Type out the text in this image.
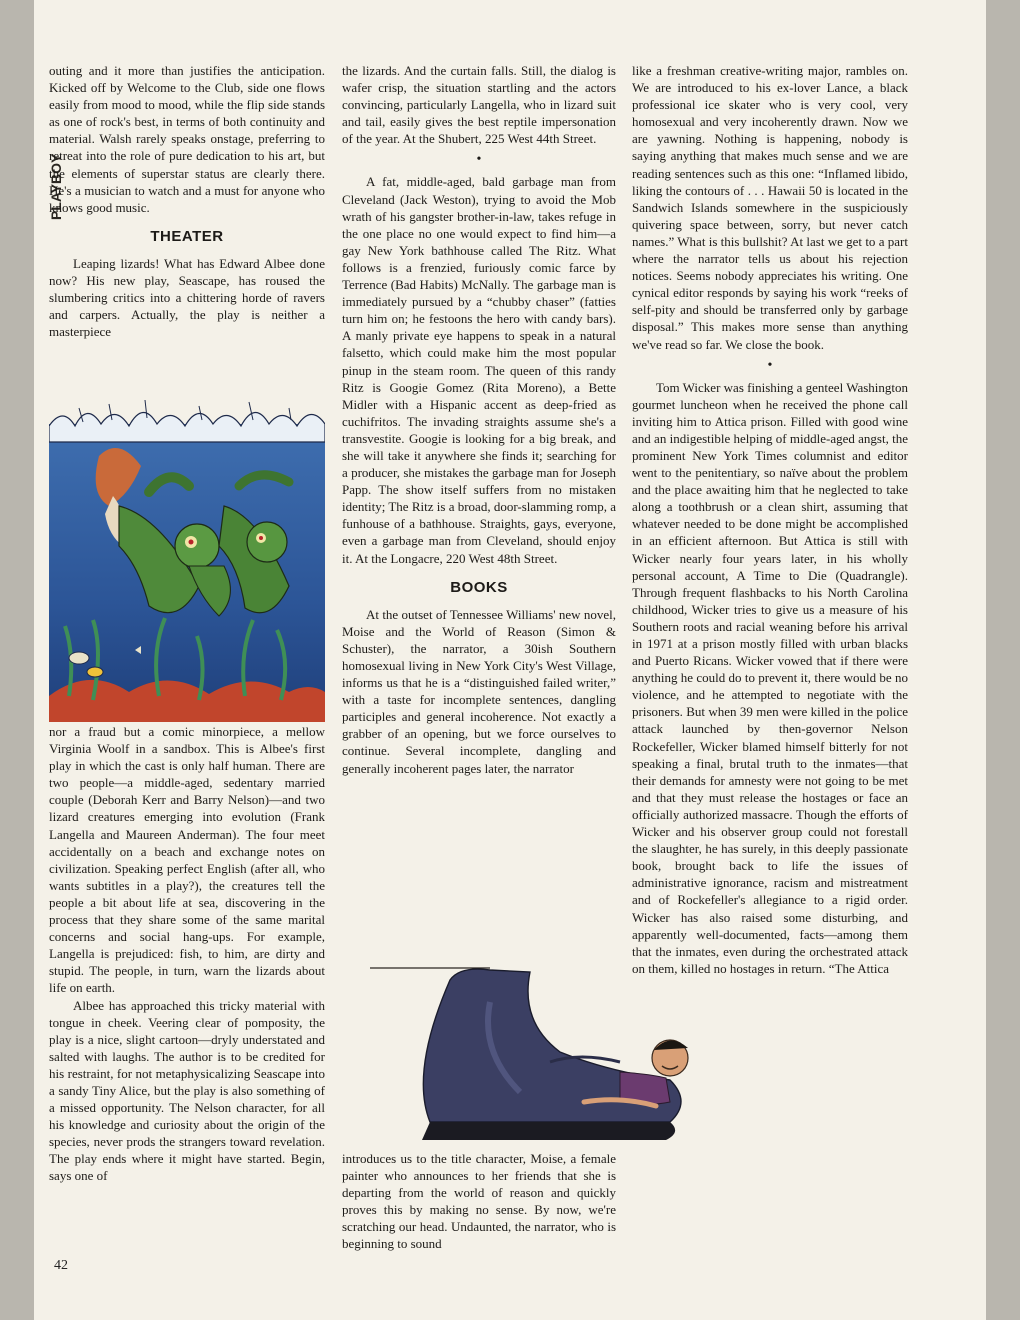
PLAYBOY
42

outing and it more than justifies the anticipation. Kicked off by Welcome to the Club, side one flows easily from mood to mood, while the flip side stands as one of rock's best, in terms of both continuity and material. Walsh rarely speaks onstage, preferring to retreat into the role of pure dedication to his art, but the elements of superstar status are clearly there. He's a musician to watch and a must for anyone who knows good music.

THEATER

Leaping lizards! What has Edward Albee done now? His new play, Seascape, has roused the slumbering critics into a chittering horde of ravers and carpers. Actually, the play is neither a masterpiece

nor a fraud but a comic minorpiece, a mellow Virginia Woolf in a sandbox. This is Albee's first play in which the cast is only half human. There are two people—a middle-aged, sedentary married couple (Deborah Kerr and Barry Nelson)—and two lizard creatures emerging into evolution (Frank Langella and Maureen Anderman). The four meet accidentally on a beach and exchange notes on civilization. Speaking perfect English (after all, who wants subtitles in a play?), the creatures tell the people a bit about life at sea, discovering in the process that they share some of the same marital concerns and social hang-ups. For example, Langella is prejudiced: fish, to him, are dirty and stupid. The people, in turn, warn the lizards about life on earth.

Albee has approached this tricky material with tongue in cheek. Veering clear of pomposity, the play is a nice, slight cartoon—dryly understated and salted with laughs. The author is to be credited for his restraint, for not metaphysicalizing Seascape into a sandy Tiny Alice, but the play is also something of a missed opportunity. The Nelson character, for all his knowledge and curiosity about the origin of the species, never prods the strangers toward revelation. The play ends where it might have started. Begin, says one of

the lizards. And the curtain falls. Still, the dialog is wafer crisp, the situation startling and the actors convincing, particularly Langella, who in lizard suit and tail, easily gives the best reptile impersonation of the year. At the Shubert, 225 West 44th Street.

•

A fat, middle-aged, bald garbage man from Cleveland (Jack Weston), trying to avoid the Mob wrath of his gangster brother-in-law, takes refuge in the one place no one would expect to find him—a gay New York bathhouse called The Ritz. What follows is a frenzied, furiously comic farce by Terrence (Bad Habits) McNally. The garbage man is immediately pursued by a “chubby chaser” (fatties turn him on; he festoons the hero with candy bars). A manly private eye happens to speak in a natural falsetto, which could make him the most popular pinup in the steam room. The queen of this randy Ritz is Googie Gomez (Rita Moreno), a Bette Midler with a Hispanic accent as deep-fried as cuchifritos. The invading straights assume she's a transvestite. Googie is looking for a big break, and she will take it anywhere she finds it; searching for a producer, she mistakes the garbage man for Joseph Papp. The show itself suffers from no mistaken identity; The Ritz is a broad, door-slamming romp, a funhouse of a bathhouse. Straights, gays, everyone, even a garbage man from Cleveland, should enjoy it. At the Longacre, 220 West 48th Street.

BOOKS

At the outset of Tennessee Williams' new novel, Moise and the World of Reason (Simon & Schuster), the narrator, a 30ish Southern homosexual living in New York City's West Village, informs us that he is a “distinguished failed writer,” with a taste for incomplete sentences, dangling participles and general incoherence. Not exactly a grabber of an opening, but we force ourselves to continue. Several incomplete, dangling and generally incoherent pages later, the narrator

introduces us to the title character, Moise, a female painter who announces to her friends that she is departing from the world of reason and quickly proves this by making no sense. By now, we're scratching our head. Undaunted, the narrator, who is beginning to sound

like a freshman creative-writing major, rambles on. We are introduced to his ex-lover Lance, a black professional ice skater who is very cool, very homosexual and very incoherently drawn. Now we are yawning. Nothing is happening, nobody is saying anything that makes much sense and we are reading sentences such as this one: “Inflamed libido, liking the contours of . . . Hawaii 50 is located in the Sandwich Islands somewhere in the suspiciously quivering space between, sorry, but never catch names.” What is this bullshit? At last we get to a part where the narrator tells us about his rejection notices. Seems nobody appreciates his writing. One cynical editor responds by saying his work “reeks of self-pity and should be transferred only by garbage disposal.” This makes more sense than anything we've read so far. We close the book.

•

Tom Wicker was finishing a genteel Washington gourmet luncheon when he received the phone call inviting him to Attica prison. Filled with good wine and an indigestible helping of middle-aged angst, the prominent New York Times columnist and editor went to the penitentiary, so naïve about the problem and the place awaiting him that he neglected to take along a toothbrush or a clean shirt, assuming that whatever needed to be done might be accomplished in an efficient afternoon. But Attica is still with Wicker nearly four years later, in his wholly personal account, A Time to Die (Quadrangle). Through frequent flashbacks to his North Carolina childhood, Wicker tries to give us a measure of his Southern roots and racial weaning before his arrival in 1971 at a prison mostly filled with urban blacks and Puerto Ricans. Wicker vowed that if there were anything he could do to prevent it, there would be no violence, and he attempted to negotiate with the prisoners. But when 39 men were killed in the police attack launched by then-governor Nelson Rockefeller, Wicker blamed himself bitterly for not speaking a final, brutal truth to the inmates—that their demands for amnesty were not going to be met and that they must release the hostages or face an officially authorized massacre. Though the efforts of Wicker and his observer group could not forestall the slaughter, he has surely, in this deeply passionate book, brought back to life the issues of administrative ignorance, racism and mistreatment and of Rockefeller's allegiance to a rigid order. Wicker has also raised some disturbing, and apparently well-documented, facts—among them that the inmates, even during the orchestrated attack on them, killed no hostages in return. “The Attica
